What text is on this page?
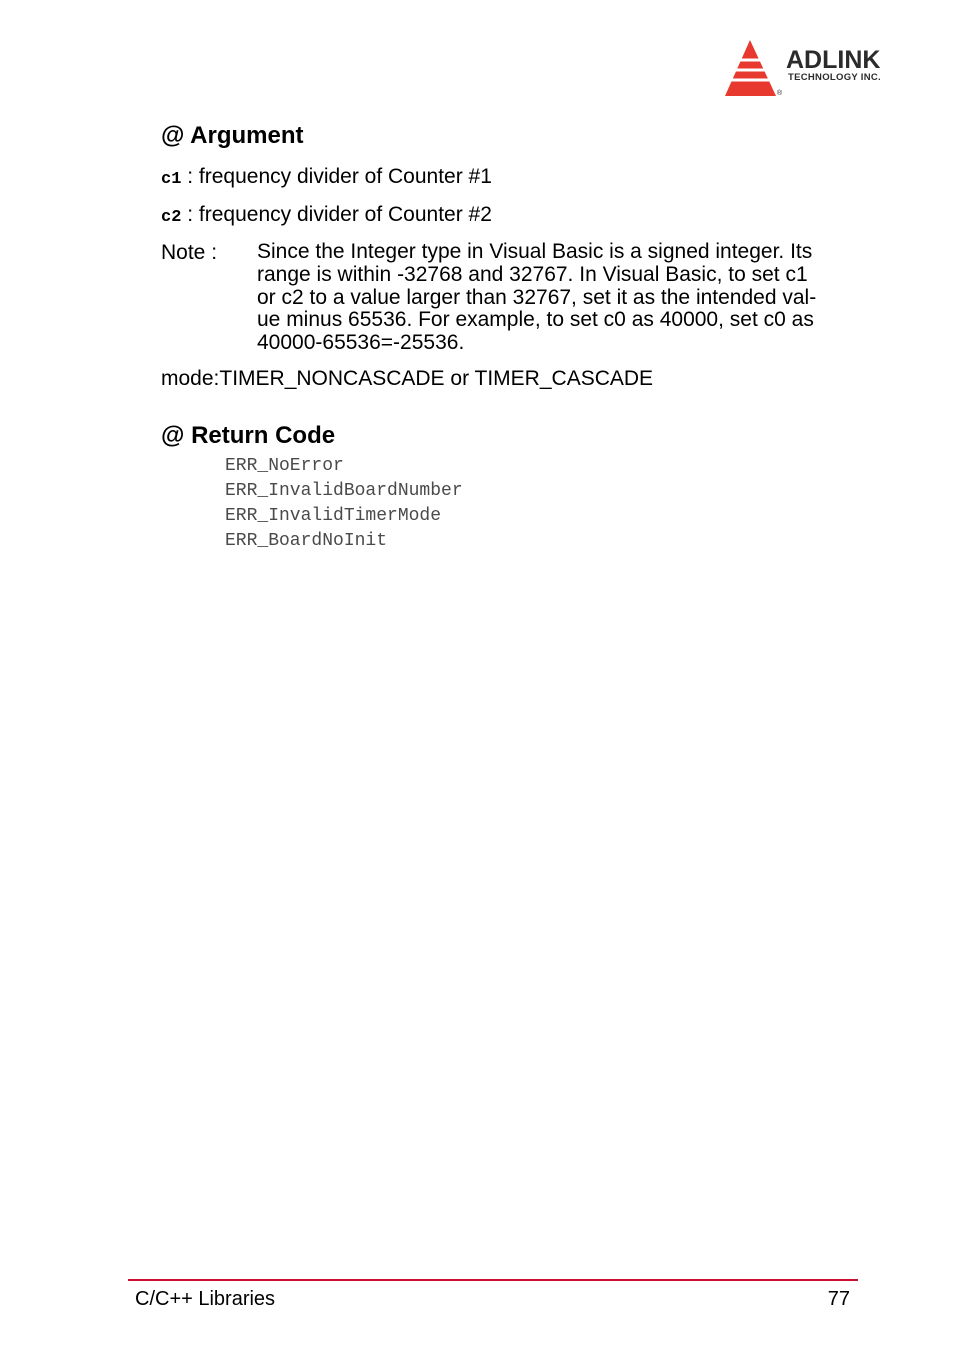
ADLINK
TECHNOLOGY INC.
®
@ Argument

c1 : frequency divider of Counter #1

c2 : frequency divider of Counter #2

Note : Since the Integer type in Visual Basic is a signed integer. Its
range is within -32768 and 32767. In Visual Basic, to set c1
or c2 to a value larger than 32767, set it as the intended val-
ue minus 65536. For example, to set c0 as 40000, set c0 as
40000-65536=-25536.

mode:TIMER_NONCASCADE or TIMER_CASCADE

@ Return Code
ERR_NoError
ERR_InvalidBoardNumber
ERR_InvalidTimerMode
ERR_BoardNoInit
C/C++ Libraries	77
